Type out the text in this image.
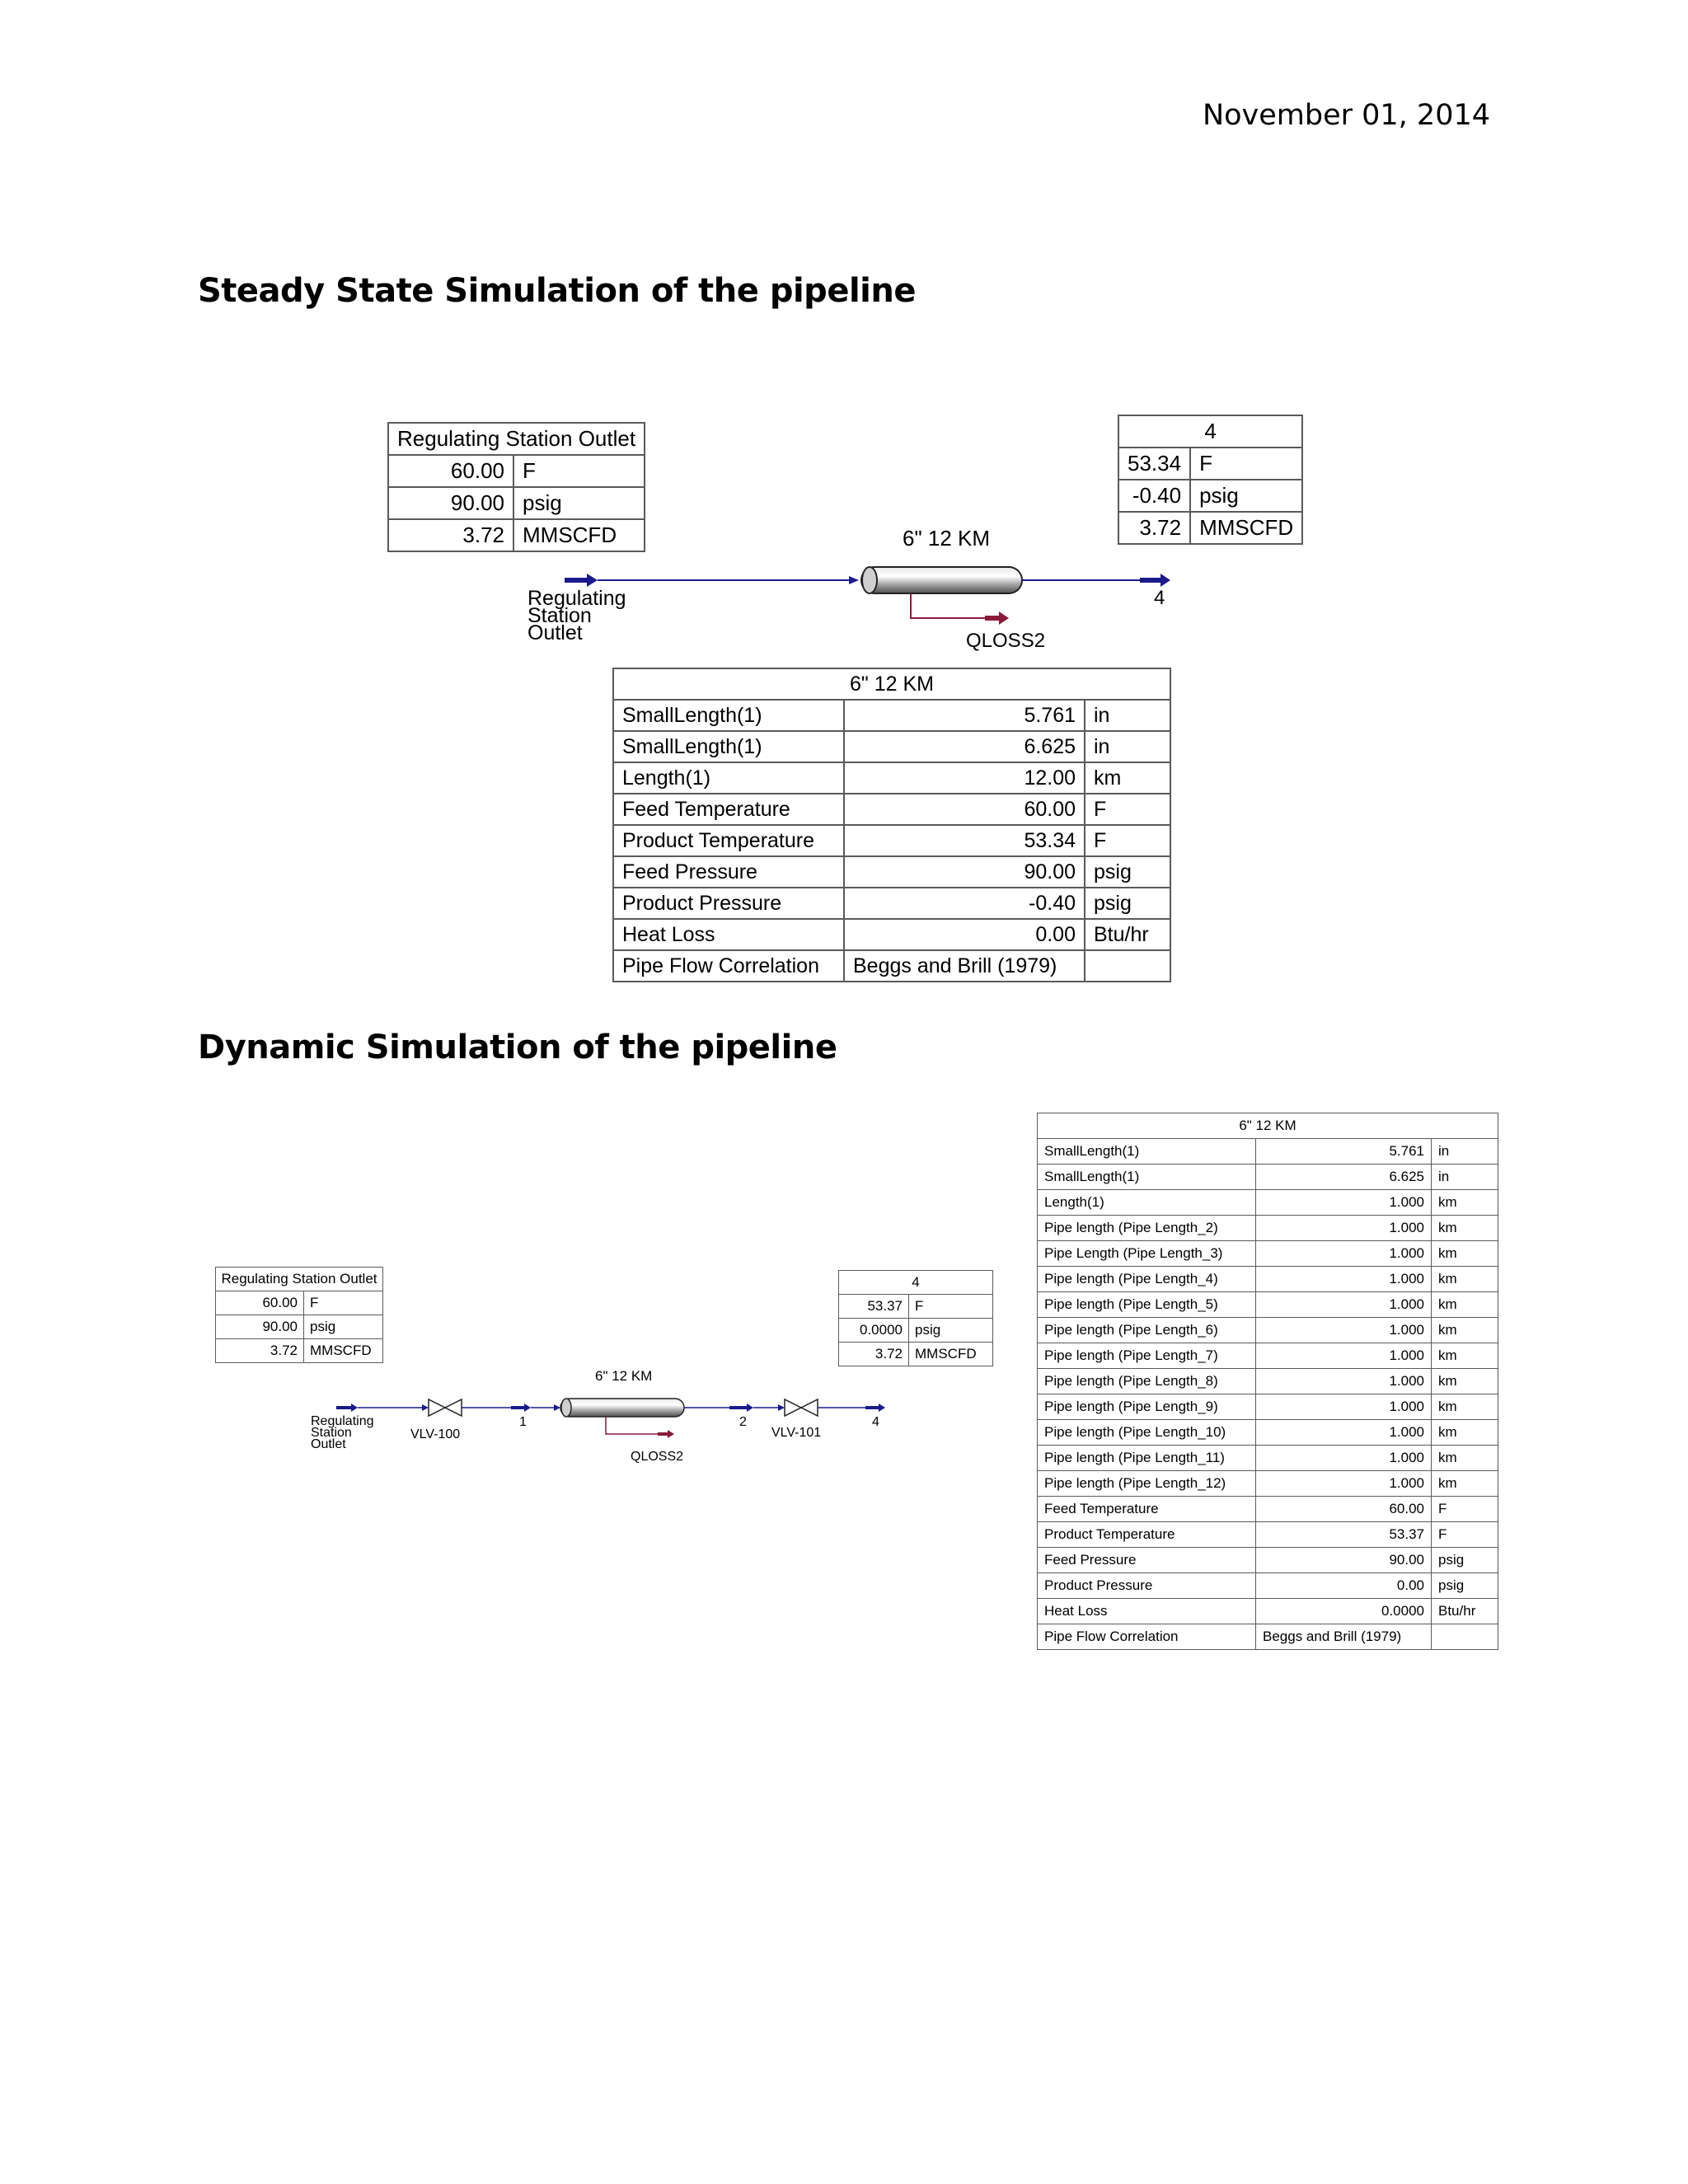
November 01, 2014
Steady State Simulation of the pipeline
Regulating Station Outlet	
60.00	F
90.00	psig
3.72	MMSCFD
4	
53.34	F
-0.40	psig
3.72	MMSCFD
6" 12 KM
4
QLOSS2
Regulating
Station
Outlet
6" 12 KM		
SmallLength(1)	5.761	in
SmallLength(1)	6.625	in
Length(1)	12.00	km
Feed Temperature	60.00	F
Product Temperature	53.34	F
Feed Pressure	90.00	psig
Product Pressure	-0.40	psig
Heat Loss	0.00	Btu/hr
Pipe Flow Correlation	Beggs and Brill (1979)	
Dynamic Simulation of the pipeline
Regulating Station Outlet	
60.00	F
90.00	psig
3.72	MMSCFD
4	
53.37	F
0.0000	psig
3.72	MMSCFD
6" 12 KM
VLV-100
1
QLOSS2
2
VLV-101
4
Regulating
Station
Outlet
6" 12 KM		
SmallLength(1)	5.761	in
SmallLength(1)	6.625	in
Length(1)	1.000	km
Pipe length (Pipe Length_2)	1.000	km
Pipe Length (Pipe Length_3)	1.000	km
Pipe length (Pipe Length_4)	1.000	km
Pipe length (Pipe Length_5)	1.000	km
Pipe length (Pipe Length_6)	1.000	km
Pipe length (Pipe Length_7)	1.000	km
Pipe length (Pipe Length_8)	1.000	km
Pipe length (Pipe Length_9)	1.000	km
Pipe length (Pipe Length_10)	1.000	km
Pipe length (Pipe Length_11)	1.000	km
Pipe length (Pipe Length_12)	1.000	km
Feed Temperature	60.00	F
Product Temperature	53.37	F
Feed Pressure	90.00	psig
Product Pressure	0.00	psig
Heat Loss	0.0000	Btu/hr
Pipe Flow Correlation	Beggs and Brill (1979)	
